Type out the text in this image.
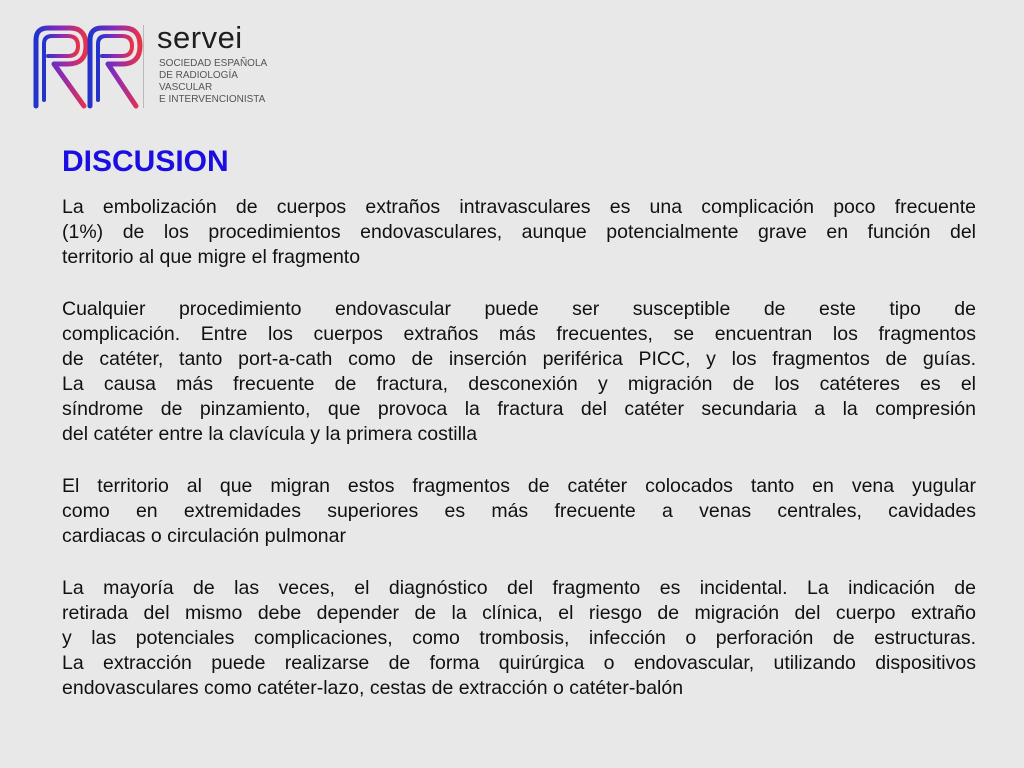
servei
SOCIEDAD ESPAÑOLA
DE RADIOLOGÍA
VASCULAR
E INTERVENCIONISTA
DISCUSION
La embolización de cuerpos extraños intravasculares es una complicación poco frecuente
(1%) de los procedimientos endovasculares, aunque potencialmente grave en función del
territorio al que migre el fragmento
Cualquier procedimiento endovascular puede ser susceptible de este tipo de
complicación. Entre los cuerpos extraños más frecuentes, se encuentran los fragmentos
de catéter, tanto port-a-cath como de inserción periférica PICC, y los fragmentos de guías.
La causa más frecuente de fractura, desconexión y migración de los catéteres es el
síndrome de pinzamiento, que provoca la fractura del catéter secundaria a la compresión
del catéter entre la clavícula y la primera costilla
El territorio al que migran estos fragmentos de catéter colocados tanto en vena yugular
como en extremidades superiores es más frecuente a venas centrales, cavidades
cardiacas o circulación pulmonar
La mayoría de las veces, el diagnóstico del fragmento es incidental. La indicación de
retirada del mismo debe depender de la clínica, el riesgo de migración del cuerpo extraño
y las potenciales complicaciones, como trombosis, infección o perforación de estructuras.
La extracción puede realizarse de forma quirúrgica o endovascular, utilizando dispositivos
endovasculares como catéter-lazo, cestas de extracción o catéter-balón
